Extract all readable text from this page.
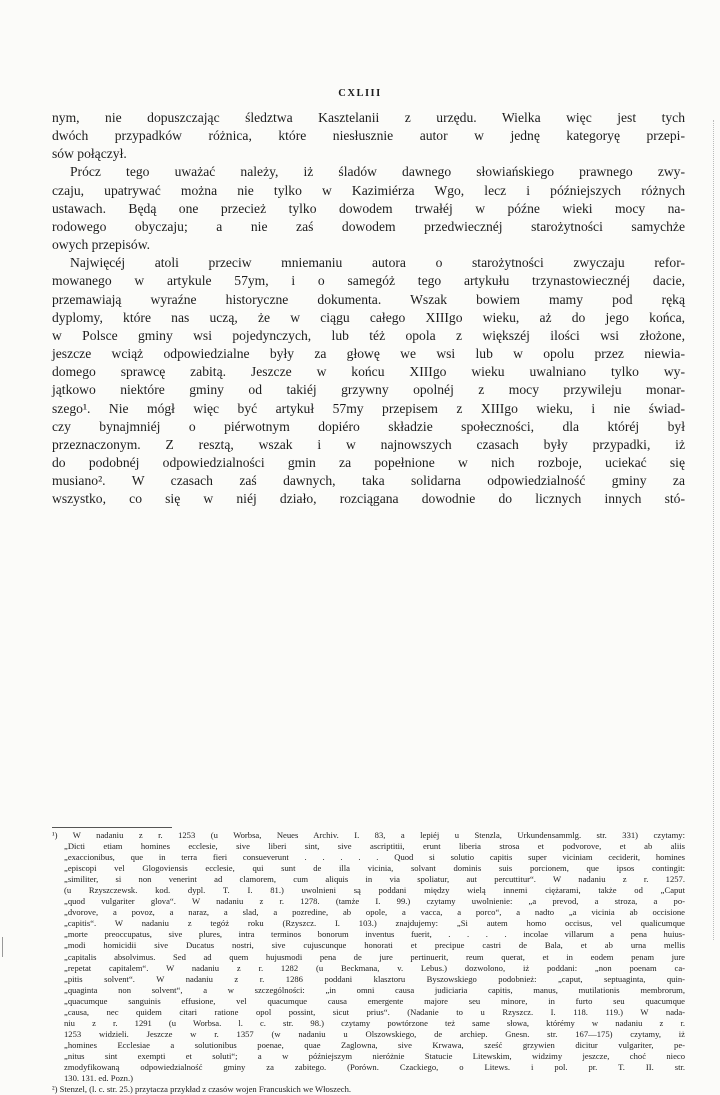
CXLIII
nym, nie dopuszczając śledztwa Kasztelanii z urzędu. Wielka więc jest tych
dwóch przypadków różnica, które niesłusznie autor w jednę kategoryę przepi-
sów połączył.
Prócz tego uważać należy, iż śladów dawnego słowiańskiego prawnego zwy-
czaju, upatrywać można nie tylko w Kazimiérza Wgo, lecz i późniejszych różnych
ustawach. Będą one przecież tylko dowodem trwałéj w późne wieki mocy na-
rodowego obyczaju; a nie zaś dowodem przedwiecznéj starożytności samychże
owych przepisów.
Najwięcéj atoli przeciw mniemaniu autora o starożytności zwyczaju refor-
mowanego w artykule 57ym, i o samegóż tego artykułu trzynastowiecznéj dacie,
przemawiają wyraźne historyczne dokumenta. Wszak bowiem mamy pod ręką
dyplomy, które nas uczą, że w ciągu całego XIIIgo wieku, aż do jego końca,
w Polsce gminy wsi pojedynczych, lub téż opola z większéj ilości wsi złożone,
jeszcze wciąż odpowiedzialne były za głowę we wsi lub w opolu przez niewia-
domego sprawcę zabitą. Jeszcze w końcu XIIIgo wieku uwalniano tylko wy-
jątkowo niektóre gminy od takiéj grzywny opolnéj z mocy przywileju monar-
szego¹. Nie mógł więc być artykuł 57my przepisem z XIIIgo wieku, i nie świad-
czy bynajmniéj o piérwotnym dopiéro składzie społeczności, dla któréj był
przeznaczonym. Z resztą, wszak i w najnowszych czasach były przypadki, iż
do podobnéj odpowiedzialności gmin za popełnione w nich rozboje, uciekać się
musiano². W czasach zaś dawnych, taka solidarna odpowiedzialność gminy za
wszystko, co się w niéj działo, rozciągana dowodnie do licznych innych stó-
¹) W nadaniu z r. 1253 (u Worbsa, Neues Archiv. I. 83, a lepiéj u Stenzla, Urkundensammlg. str. 331) czytamy:
„Dicti etiam homines ecclesie, sive liberi sint, sive ascriptitii, erunt liberia strosa et podvorove, et ab aliis
„exaccionibus, que in terra fieri consueverunt . . . . . Quod si solutio capitis super viciniam ceciderit, homines
„episcopi vel Glogoviensis ecclesie, qui sunt de illa vicinia, solvant dominis suis porcionem, que ipsos contingit:
„similiter, si non venerint ad clamorem, cum aliquis in via spoliatur, aut percuttitur“. W nadaniu z r. 1257.
(u Rzyszczewsk. kod. dypl. T. I. 81.) uwolnieni są poddani między wielą innemi ciężarami, także od „Caput
„quod vulgariter glova“. W nadaniu z r. 1278. (tamże I. 99.) czytamy uwolnienie: „a prevod, a stroza, a po-
„dvorove, a povoz, a naraz, a slad, a pozredine, ab opole, a vacca, a porco“, a nadto „a vicinia ab occisione
„capitis“. W nadaniu z tegóż roku (Rzyszcz. I. 103.) znajdujemy: „Si autem homo occisus, vel qualicumque
„morte preoccupatus, sive plures, intra terminos bonorum inventus fuerit, . . . . incolae villarum a pena huius-
„modi homicidii sive Ducatus nostri, sive cujuscunque honorati et precipue castri de Bala, et ab urna mellis
„capitalis absolvimus. Sed ad quem hujusmodi pena de jure pertinuerit, reum querat, et in eodem penam jure
„repetat capitalem“. W nadaniu z r. 1282 (u Beckmana, v. Lebus.) dozwolono, iż poddani: „non poenam ca-
„pitis solvent“. W nadaniu z r. 1286 poddani klasztoru Byszowskiego podobnież: „caput, septuaginta, quin-
„quaginta non solvent“, a w szczególności: „in omni causa judiciaria capitis, manus, mutilationis membrorum,
„quacumque sanguinis effusione, vel quacumque causa emergente majore seu minore, in furto seu quacumque
„causa, nec quidem citari ratione opol possint, sicut prius“. (Nadanie to u Rzyszcz. I. 118. 119.) W nada-
niu z r. 1291 (u Worbsa. l. c. str. 98.) czytamy powtórzone też same słowa, którémy w nadaniu z r.
1253 widzieli. Jeszcze w r. 1357 (w nadaniu u Olszowskiego, de archiep. Gnesn. str. 167—175) czytamy, iż
„homines Ecclesiae a solutionibus poenae, quae Zaglowna, sive Krwawa, sześć grzywien dicitur vulgariter, pe-
„nitus sint exempti et soluti“; a w późniejszym nieróżnie Statucie Litewskim, widzimy jeszcze, choć nieco
zmodyfikowaną odpowiedzialność gminy za zabitego. (Porówn. Czackiego, o Litews. i pol. pr. T. II. str.
130. 131. ed. Pozn.)
²) Stenzel, (l. c. str. 25.) przytacza przykład z czasów wojen Francuskich we Włoszech.
